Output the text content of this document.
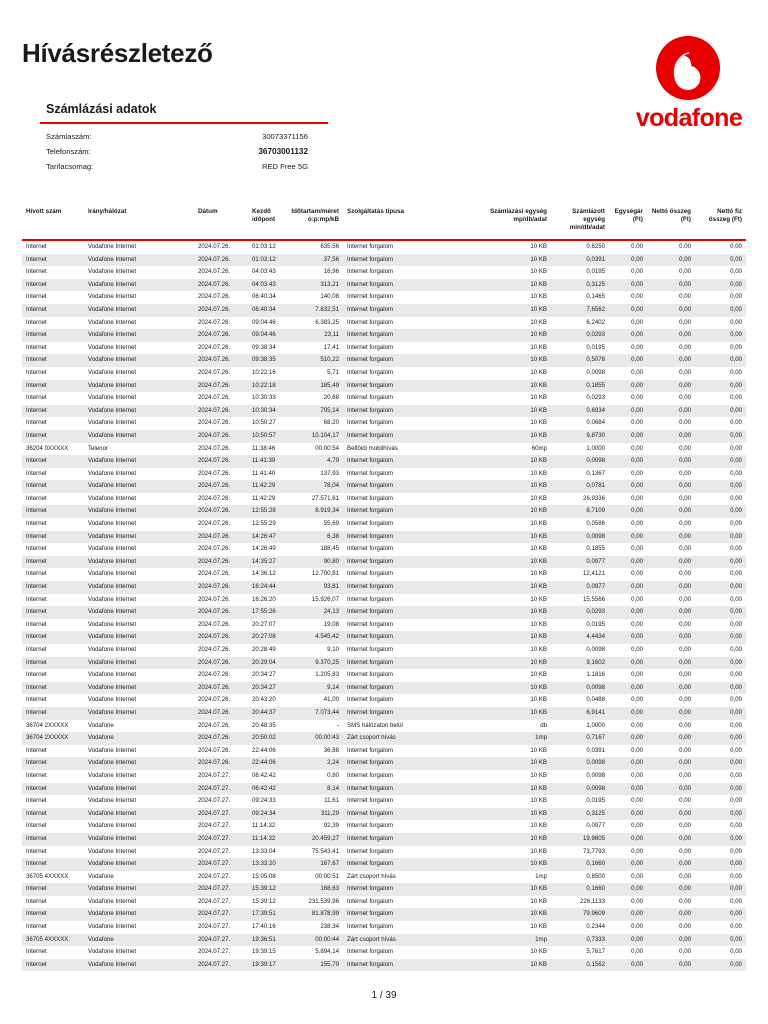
Hívásrészletező
vodafone
Számlázási adatok
Számlaszám:	30073371156
Telefonszám:	36703001132
Tarifacsomag:	RED Free 5G
Hívott szám	Irány/hálózat	Dátum	Kezdő időpont	Időtartam/méret ó:p:mp/kB	Szolgáltatás típusa	Számlázási egység mp/db/adat	Számlázott egység min/db/adat	Egységár (Ft)	Nettó összeg (Ft)	Nettó fiz összeg (Ft)
Internet	Vodafone Internet	2024.07.26.	01:03:12	635,56	Internet forgalom	10 KB	0,6250	0,00	0,00	0,00
Internet	Vodafone Internet	2024.07.26.	01:03:12	37,56	Internet forgalom	10 KB	0,0391	0,00	0,00	0,00
Internet	Vodafone Internet	2024.07.26.	04:03:43	16,96	Internet forgalom	10 KB	0,0195	0,00	0,00	0,00
Internet	Vodafone Internet	2024.07.26.	04:03:43	313,21	Internet forgalom	10 KB	0,3125	0,00	0,00	0,00
Internet	Vodafone Internet	2024.07.26.	06:40:34	140,08	Internet forgalom	10 KB	0,1465	0,00	0,00	0,00
Internet	Vodafone Internet	2024.07.26.	06:40:34	7.832,51	Internet forgalom	10 KB	7,6562	0,00	0,00	0,00
Internet	Vodafone Internet	2024.07.26.	09:04:46	6.383,25	Internet forgalom	10 KB	6,2402	0,00	0,00	0,00
Internet	Vodafone Internet	2024.07.26.	09:04:46	23,11	Internet forgalom	10 KB	0,0293	0,00	0,00	0,00
Internet	Vodafone Internet	2024.07.26.	09:38:34	17,41	Internet forgalom	10 KB	0,0195	0,00	0,00	0,00
Internet	Vodafone Internet	2024.07.26.	09:38:35	510,22	Internet forgalom	10 KB	0,5078	0,00	0,00	0,00
Internet	Vodafone Internet	2024.07.26.	10:22:16	5,71	Internet forgalom	10 KB	0,0098	0,00	0,00	0,00
Internet	Vodafone Internet	2024.07.26.	10:22:18	185,49	Internet forgalom	10 KB	0,1855	0,00	0,00	0,00
Internet	Vodafone Internet	2024.07.26.	10:30:33	20,68	Internet forgalom	10 KB	0,0293	0,00	0,00	0,00
Internet	Vodafone Internet	2024.07.26.	10:30:34	705,14	Internet forgalom	10 KB	0,6934	0,00	0,00	0,00
Internet	Vodafone Internet	2024.07.26.	10:50:27	68,20	Internet forgalom	10 KB	0,0684	0,00	0,00	0,00
Internet	Vodafone Internet	2024.07.26.	10:50:57	10.104,17	Internet forgalom	10 KB	9,8730	0,00	0,00	0,00
36204 0XXXXX	Telenor	2024.07.26.	11:38:46	00:00:54	Belföldi mobilhívás	60mp	1,0000	0,00	0,00	0,00
Internet	Vodafone Internet	2024.07.26.	11:41:39	4,79	Internet forgalom	10 KB	0,0098	0,00	0,00	0,00
Internet	Vodafone Internet	2024.07.26.	11:41:40	137,93	Internet forgalom	10 KB	0,1367	0,00	0,00	0,00
Internet	Vodafone Internet	2024.07.26.	11:42:29	78,04	Internet forgalom	10 KB	0,0781	0,00	0,00	0,00
Internet	Vodafone Internet	2024.07.26.	11:42:29	27.571,61	Internet forgalom	10 KB	26,9336	0,00	0,00	0,00
Internet	Vodafone Internet	2024.07.26.	12:55:28	8.919,34	Internet forgalom	10 KB	8,7109	0,00	0,00	0,00
Internet	Vodafone Internet	2024.07.26.	12:55:29	55,69	Internet forgalom	10 KB	0,0586	0,00	0,00	0,00
Internet	Vodafone Internet	2024.07.26.	14:26:47	6,38	Internet forgalom	10 KB	0,0098	0,00	0,00	0,00
Internet	Vodafone Internet	2024.07.26.	14:26:49	188,45	Internet forgalom	10 KB	0,1855	0,00	0,00	0,00
Internet	Vodafone Internet	2024.07.26.	14:35:27	90,80	Internet forgalom	10 KB	0,0977	0,00	0,00	0,00
Internet	Vodafone Internet	2024.07.26.	14:36:12	12.700,81	Internet forgalom	10 KB	12,4121	0,00	0,00	0,00
Internet	Vodafone Internet	2024.07.26.	16:24:44	93,81	Internet forgalom	10 KB	0,0977	0,00	0,00	0,00
Internet	Vodafone Internet	2024.07.26.	16:26:20	15.926,07	Internet forgalom	10 KB	15,5566	0,00	0,00	0,00
Internet	Vodafone Internet	2024.07.26.	17:55:26	24,13	Internet forgalom	10 KB	0,0293	0,00	0,00	0,00
Internet	Vodafone Internet	2024.07.26.	20:27:07	19,08	Internet forgalom	10 KB	0,0195	0,00	0,00	0,00
Internet	Vodafone Internet	2024.07.26.	20:27:08	4.545,42	Internet forgalom	10 KB	4,4434	0,00	0,00	0,00
Internet	Vodafone Internet	2024.07.26.	20:28:49	9,10	Internet forgalom	10 KB	0,0098	0,00	0,00	0,00
Internet	Vodafone Internet	2024.07.26.	20:29:04	9.370,25	Internet forgalom	10 KB	9,1602	0,00	0,00	0,00
Internet	Vodafone Internet	2024.07.26.	20:34:27	1.205,83	Internet forgalom	10 KB	1,1816	0,00	0,00	0,00
Internet	Vodafone Internet	2024.07.26.	20:34:27	9,14	Internet forgalom	10 KB	0,0098	0,00	0,00	0,00
Internet	Vodafone Internet	2024.07.26.	20:43:20	41,00	Internet forgalom	10 KB	0,0488	0,00	0,00	0,00
Internet	Vodafone Internet	2024.07.26.	20:44:37	7.073,44	Internet forgalom	10 KB	6,9141	0,00	0,00	0,00
36704 2XXXXX	Vodafone	2024.07.26.	20:48:35	-	SMS hálózaton belül	db	1,0000	0,00	0,00	0,00
36704 2XXXXX	Vodafone	2024.07.26.	20:50:02	00:00:43	Zárt csoport hívás	1mp	0,7167	0,00	0,00	0,00
Internet	Vodafone Internet	2024.07.26.	22:44:06	36,88	Internet forgalom	10 KB	0,0391	0,00	0,00	0,00
Internet	Vodafone Internet	2024.07.26.	22:44:06	2,24	Internet forgalom	10 KB	0,0098	0,00	0,00	0,00
Internet	Vodafone Internet	2024.07.27.	06:42:42	0,80	Internet forgalom	10 KB	0,0098	0,00	0,00	0,00
Internet	Vodafone Internet	2024.07.27.	06:42:42	8,14	Internet forgalom	10 KB	0,0098	0,00	0,00	0,00
Internet	Vodafone Internet	2024.07.27.	09:24:33	11,61	Internet forgalom	10 KB	0,0195	0,00	0,00	0,00
Internet	Vodafone Internet	2024.07.27.	09:24:34	311,29	Internet forgalom	10 KB	0,3125	0,00	0,00	0,00
Internet	Vodafone Internet	2024.07.27.	11:14:32	92,39	Internet forgalom	10 KB	0,0977	0,00	0,00	0,00
Internet	Vodafone Internet	2024.07.27.	11:14:32	20.459,27	Internet forgalom	10 KB	19,9805	0,00	0,00	0,00
Internet	Vodafone Internet	2024.07.27.	13:33:04	75.543,41	Internet forgalom	10 KB	73,7793	0,00	0,00	0,00
Internet	Vodafone Internet	2024.07.27.	13:33:20	167,67	Internet forgalom	10 KB	0,1660	0,00	0,00	0,00
36705 4XXXXX	Vodafone	2024.07.27.	15:05:08	00:00:51	Zárt csoport hívás	1mp	0,8500	0,00	0,00	0,00
Internet	Vodafone Internet	2024.07.27.	15:39:12	168,63	Internet forgalom	10 KB	0,1660	0,00	0,00	0,00
Internet	Vodafone Internet	2024.07.27.	15:39:12	231.539,96	Internet forgalom	10 KB	226,1133	0,00	0,00	0,00
Internet	Vodafone Internet	2024.07.27.	17:39:51	81.878,99	Internet forgalom	10 KB	79,9609	0,00	0,00	0,00
Internet	Vodafone Internet	2024.07.27.	17:40:16	238,34	Internet forgalom	10 KB	0,2344	0,00	0,00	0,00
36705 4XXXXX	Vodafone	2024.07.27.	19:36:51	00:00:44	Zárt csoport hívás	1mp	0,7333	0,00	0,00	0,00
Internet	Vodafone Internet	2024.07.27.	19:39:15	5.894,14	Internet forgalom	10 KB	5,7617	0,00	0,00	0,00
Internet	Vodafone Internet	2024.07.27.	19:39:17	155,79	Internet forgalom	10 KB	0,1562	0,00	0,00	0,00
1 / 39
